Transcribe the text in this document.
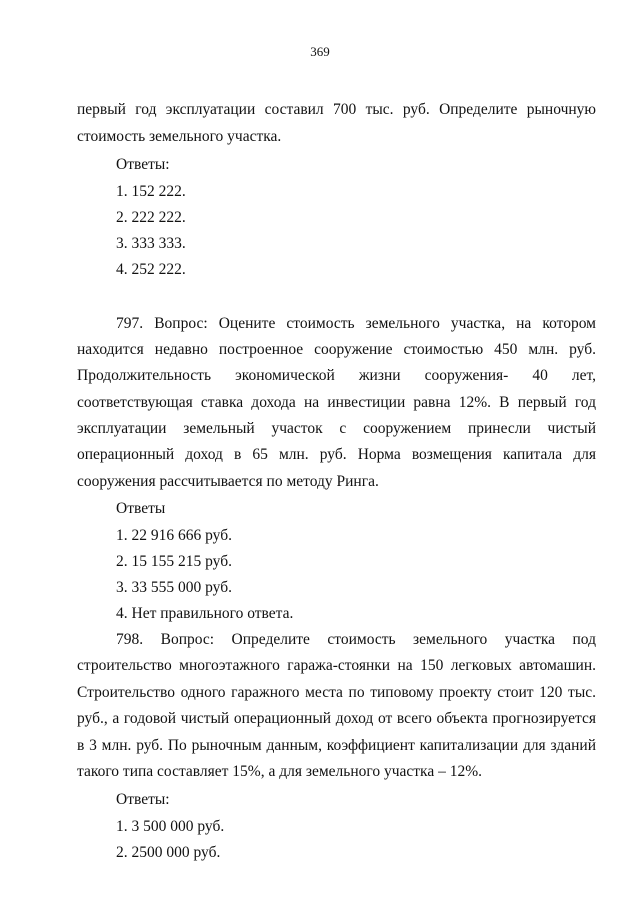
369
первый год эксплуатации составил 700 тыс. руб. Определите рыночную
стоимость земельного участка.
Ответы:
1. 152 222.
2. 222 222.
3. 333 333.
4. 252 222.
797. Вопрос: Оцените стоимость земельного участка, на котором
находится недавно построенное сооружение стоимостью 450 млн. руб.
Продолжительность экономической жизни сооружения- 40 лет,
соответствующая ставка дохода на инвестиции равна 12%. В первый год
эксплуатации земельный участок с сооружением принесли чистый
операционный доход в 65 млн. руб. Норма возмещения капитала для
сооружения рассчитывается по методу Ринга.
Ответы
1. 22 916 666 руб.
2. 15 155 215 руб.
3. 33 555 000 руб.
4. Нет правильного ответа.
798. Вопрос: Определите стоимость земельного участка под
строительство многоэтажного гаража-стоянки на 150 легковых автомашин.
Строительство одного гаражного места по типовому проекту стоит 120 тыс.
руб., а годовой чистый операционный доход от всего объекта прогнозируется
в 3 млн. руб. По рыночным данным, коэффициент капитализации для зданий
такого типа составляет 15%, а для земельного участка – 12%.
Ответы:
1. 3 500 000 руб.
2. 2500 000 руб.
